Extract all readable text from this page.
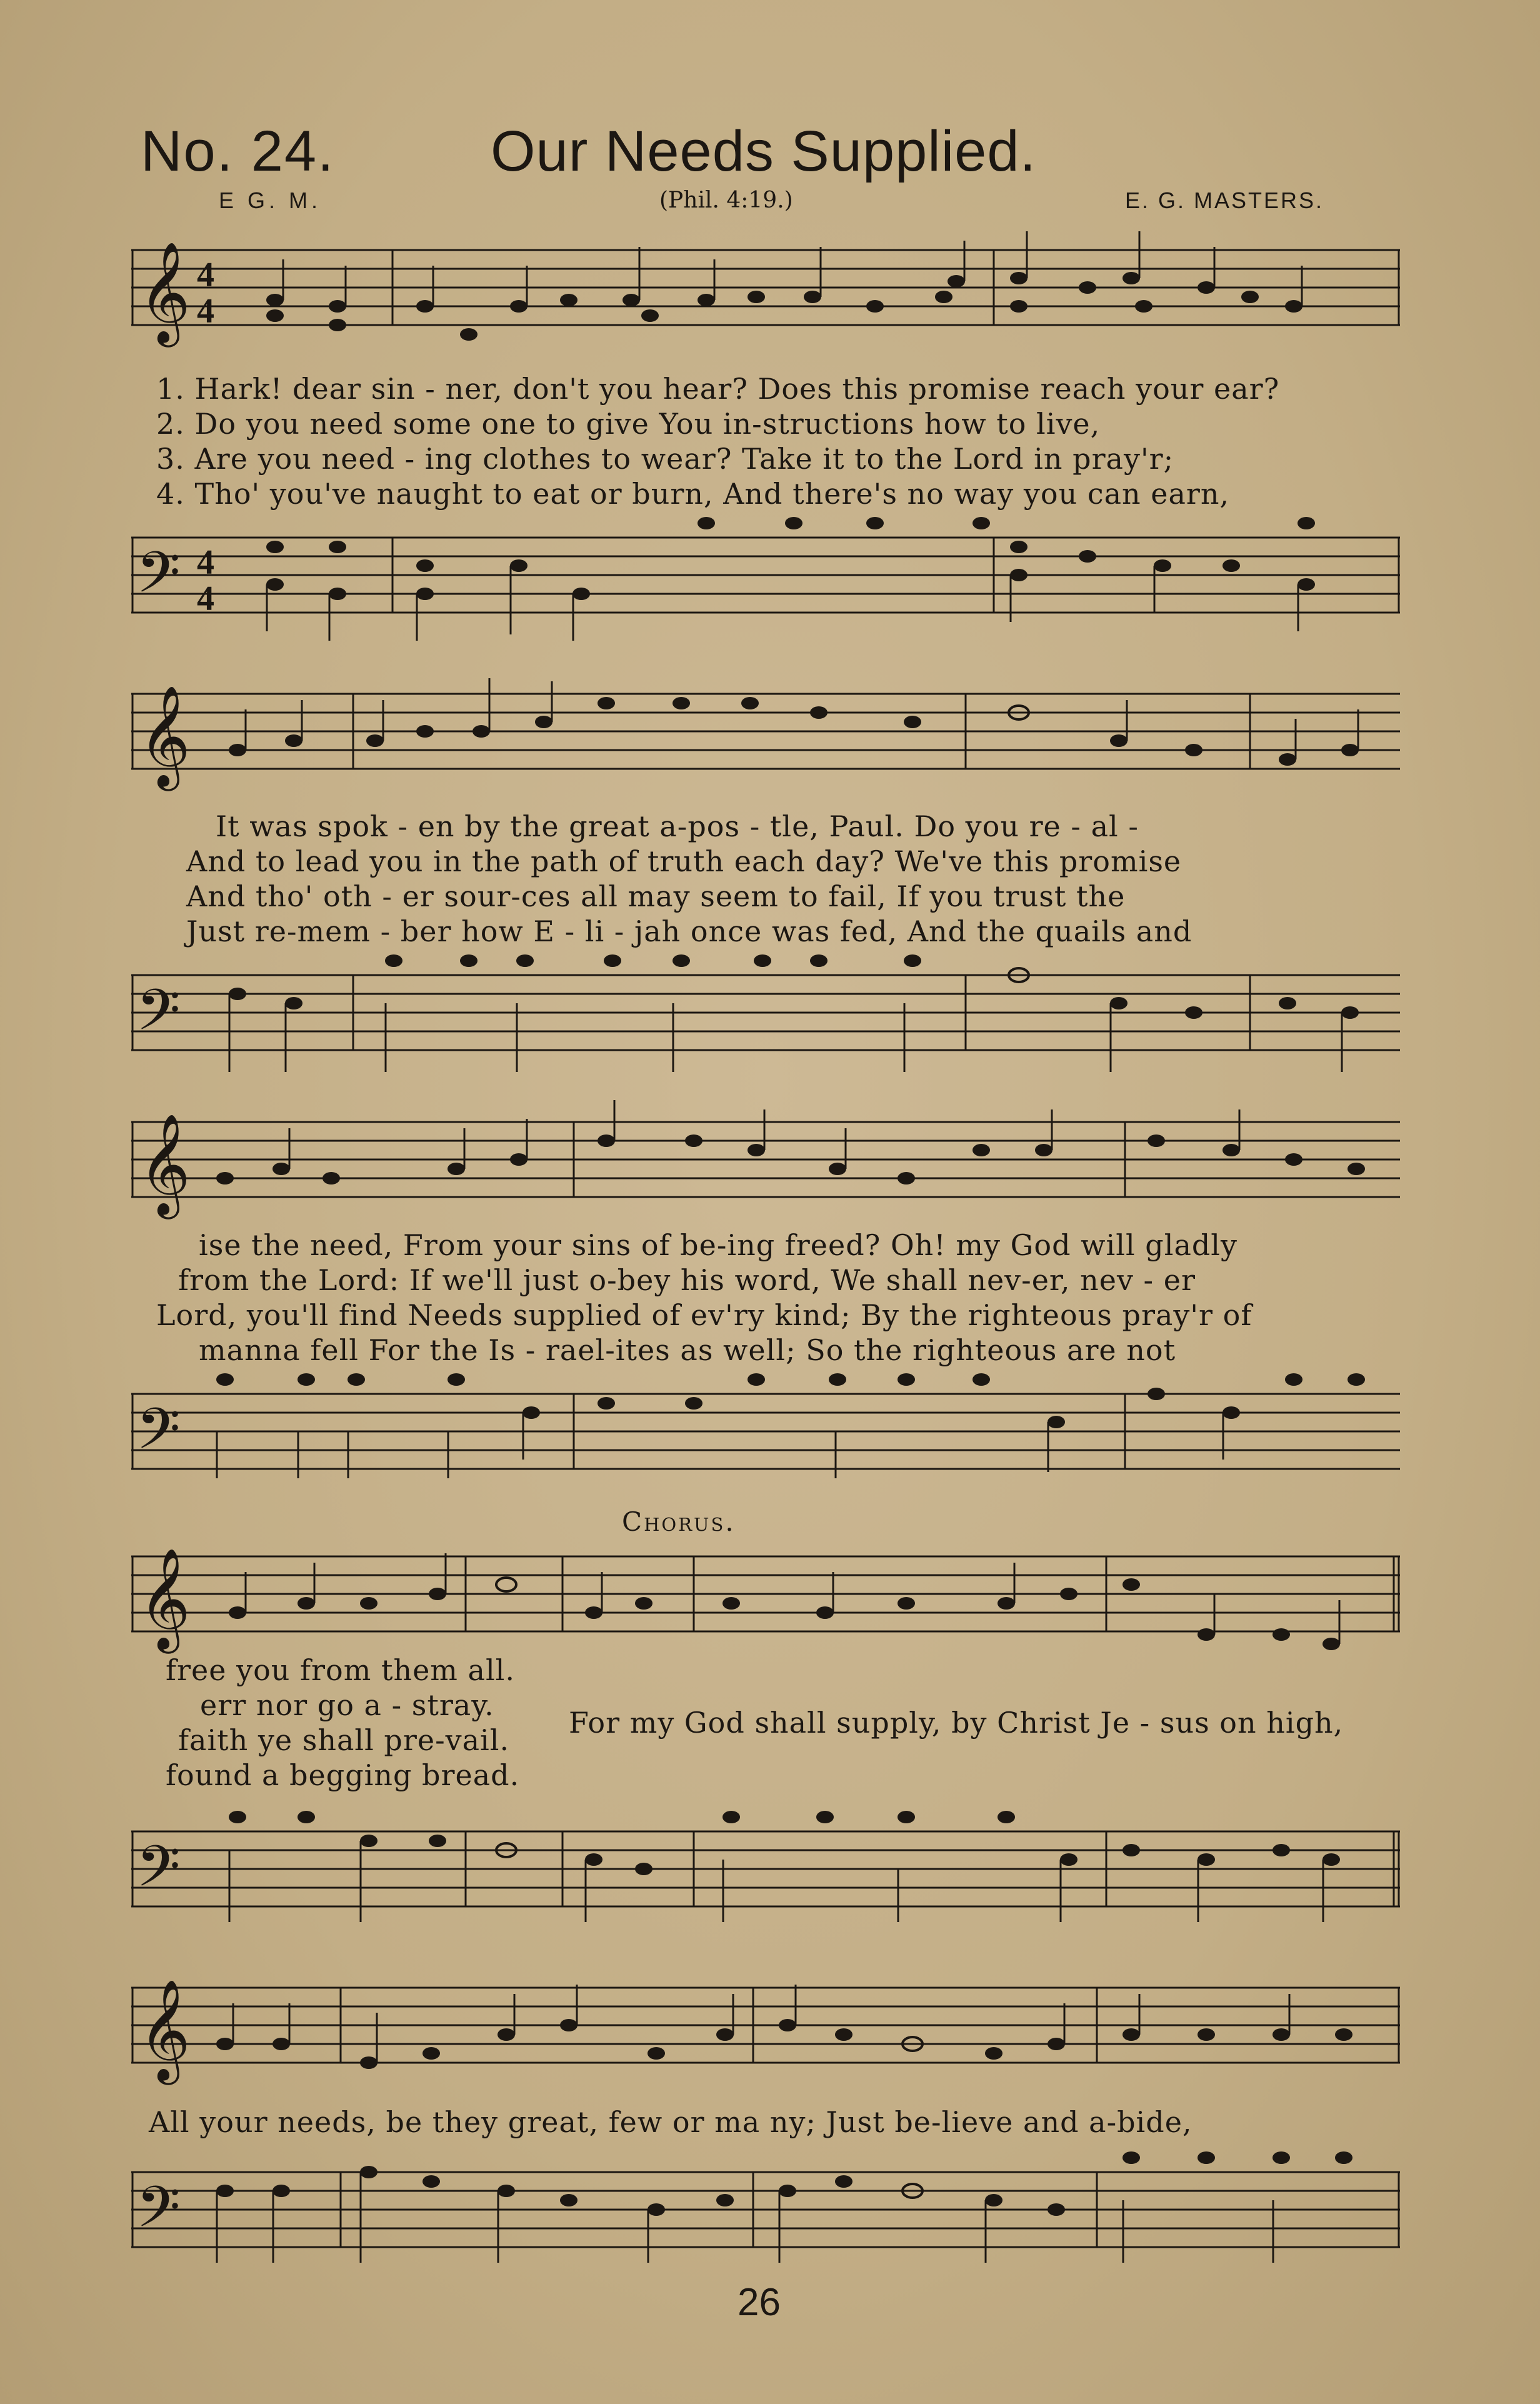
No. 24.	Our Needs Supplied.
E G. M.	(Phil. 4:19.)	E. G. MASTERS.
𝄞 4
4
1. Hark! dear sin - ner, don't you hear? Does this promise reach your ear?
2. Do you need some one to give You in-structions how to live,
3. Are you need - ing clothes to wear? Take it to the Lord in pray'r;
4. Tho' you've naught to eat or burn, And there's no way you can earn,
𝄢 4
4
𝄞
It was spok - en by the great a-pos - tle, Paul. Do you re - al -
And to lead you in the path of truth each day? We've this promise
And tho' oth - er sour-ces all may seem to fail, If you trust the
Just re-mem - ber how E - li - jah once was fed, And the quails and
𝄢
𝄞
ise the need, From your sins of be-ing freed? Oh! my God will gladly
from the Lord: If we'll just o-bey his word, We shall nev-er, nev - er
Lord, you'll find Needs supplied of ev'ry kind; By the righteous pray'r of
manna fell For the Is - rael-ites as well; So the righteous are not
𝄢
Chorus.
𝄞
free you from them all.
err nor go a - stray.
faith ye shall pre-vail.
found a begging bread.
For my God shall supply, by Christ Je - sus on high,
𝄢
𝄞
All your needs, be they great, few or ma ny; Just be-lieve and a-bide,
𝄢
26
